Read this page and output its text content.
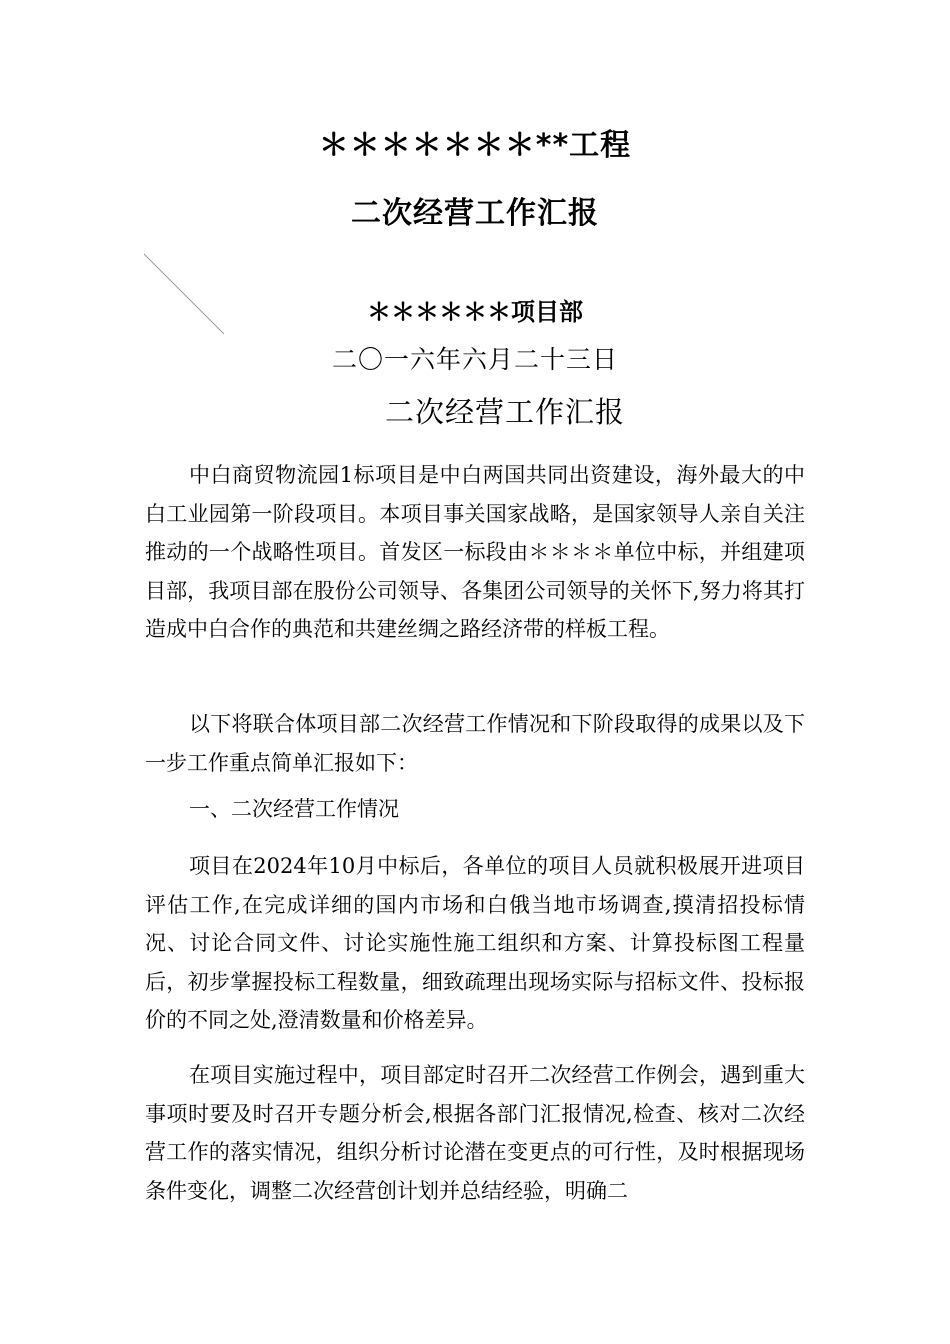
＊＊＊＊＊＊＊**工程
二次经营工作汇报
＊＊＊＊＊＊项目部
二〇一六年六月二十三日
二次经营工作汇报

中白商贸物流园1标项目是中白两国共同出资建设，海外最大的中白工业园第一阶段项目。本项目事关国家战略，是国家领导人亲自关注推动的一个战略性项目。首发区一标段由＊＊＊＊单位中标，并组建项目部，我项目部在股份公司领导、各集团公司领导的关怀下,努力将其打造成中白合作的典范和共建丝绸之路经济带的样板工程。

以下将联合体项目部二次经营工作情况和下阶段取得的成果以及下一步工作重点简单汇报如下：

一、二次经营工作情况

项目在2024年10月中标后，各单位的项目人员就积极展开进项目评估工作,在完成详细的国内市场和白俄当地市场调查,摸清招投标情况、讨论合同文件、讨论实施性施工组织和方案、计算投标图工程量后，初步掌握投标工程数量，细致疏理出现场实际与招标文件、投标报价的不同之处,澄清数量和价格差异。

在项目实施过程中，项目部定时召开二次经营工作例会，遇到重大事项时要及时召开专题分析会,根据各部门汇报情况,检查、核对二次经营工作的落实情况，组织分析讨论潜在变更点的可行性，及时根据现场条件变化，调整二次经营创计划并总结经验，明确二
